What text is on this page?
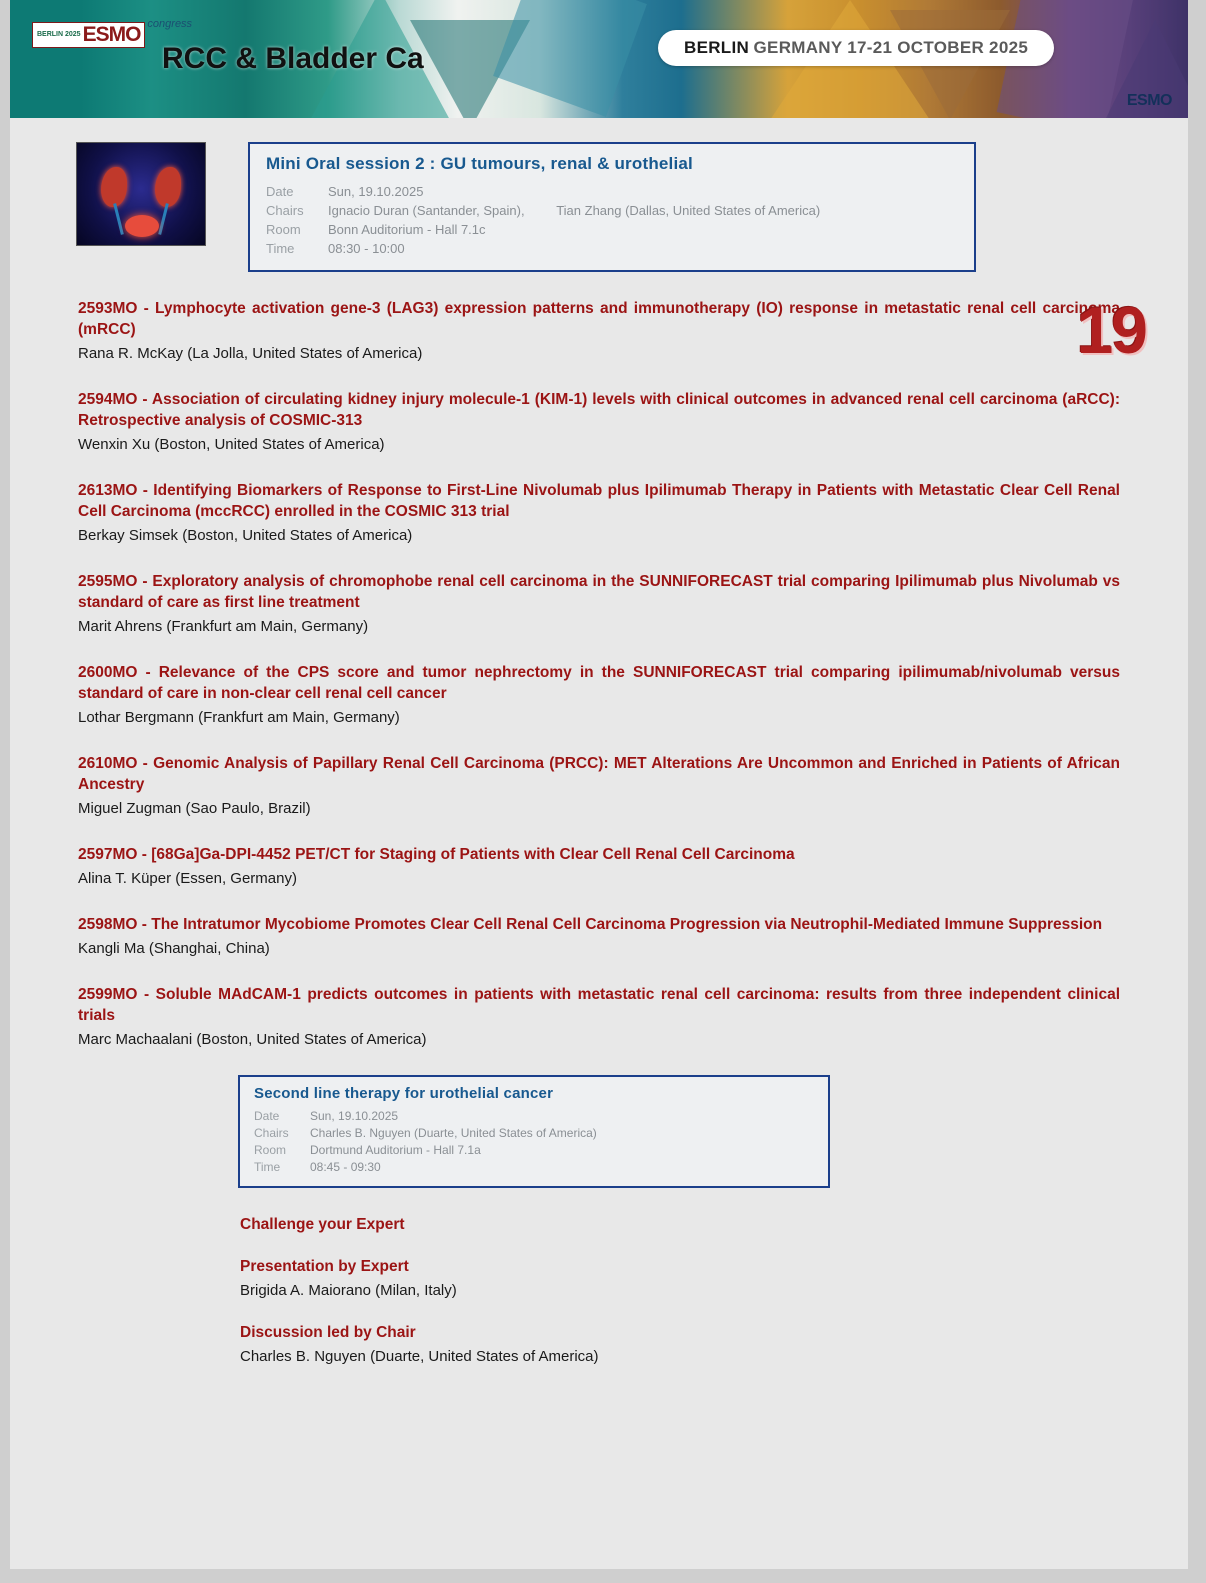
BERLIN 2025 ESMO congress
RCC & Bladder Ca	BERLIN GERMANY 17-21 OCTOBER 2025
ESMO
19
Mini Oral session 2 : GU tumours, renal & urothelial
Date	Sun, 19.10.2025
Chairs	Ignacio Duran (Santander, Spain), Tian Zhang (Dallas, United States of America)
Room	Bonn Auditorium - Hall 7.1c
Time	08:30 - 10:00
2593MO - Lymphocyte activation gene-3 (LAG3) expression patterns and immunotherapy (IO) response in metastatic renal cell carcinoma (mRCC)
Rana R. McKay (La Jolla, United States of America)
2594MO - Association of circulating kidney injury molecule-1 (KIM-1) levels with clinical outcomes in advanced renal cell carcinoma (aRCC): Retrospective analysis of COSMIC-313
Wenxin Xu (Boston, United States of America)
2613MO - Identifying Biomarkers of Response to First-Line Nivolumab plus Ipilimumab Therapy in Patients with Metastatic Clear Cell Renal Cell Carcinoma (mccRCC) enrolled in the COSMIC 313 trial
Berkay Simsek (Boston, United States of America)
2595MO - Exploratory analysis of chromophobe renal cell carcinoma in the SUNNIFORECAST trial comparing Ipilimumab plus Nivolumab vs standard of care as first line treatment
Marit Ahrens (Frankfurt am Main, Germany)
2600MO - Relevance of the CPS score and tumor nephrectomy in the SUNNIFORECAST trial comparing ipilimumab/nivolumab versus standard of care in non-clear cell renal cell cancer
Lothar Bergmann (Frankfurt am Main, Germany)
2610MO - Genomic Analysis of Papillary Renal Cell Carcinoma (PRCC): MET Alterations Are Uncommon and Enriched in Patients of African Ancestry
Miguel Zugman (Sao Paulo, Brazil)
2597MO - [68Ga]Ga-DPI-4452 PET/CT for Staging of Patients with Clear Cell Renal Cell Carcinoma
Alina T. Küper (Essen, Germany)
2598MO - The Intratumor Mycobiome Promotes Clear Cell Renal Cell Carcinoma Progression via Neutrophil-Mediated Immune Suppression
Kangli Ma (Shanghai, China)
2599MO - Soluble MAdCAM-1 predicts outcomes in patients with metastatic renal cell carcinoma: results from three independent clinical trials
Marc Machaalani (Boston, United States of America)
Second line therapy for urothelial cancer
Date	Sun, 19.10.2025
Chairs	Charles B. Nguyen (Duarte, United States of America)
Room	Dortmund Auditorium - Hall 7.1a
Time	08:45 - 09:30
Challenge your Expert
Presentation by Expert
Brigida A. Maiorano (Milan, Italy)
Discussion led by Chair
Charles B. Nguyen (Duarte, United States of America)
